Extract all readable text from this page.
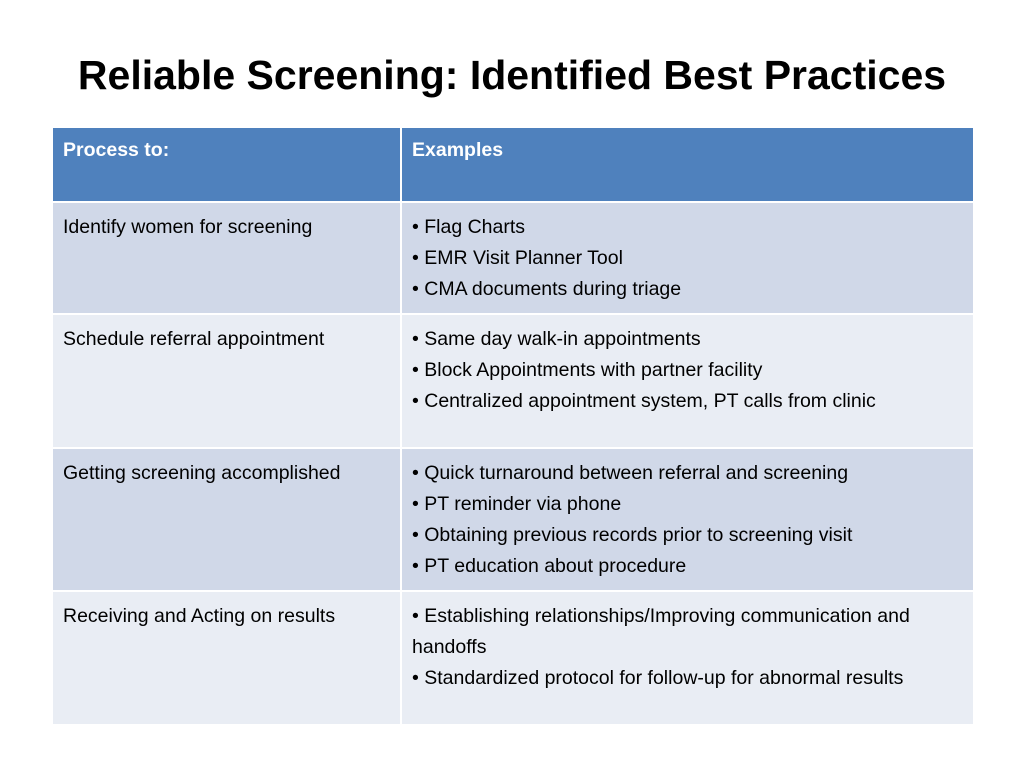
Reliable Screening: Identified Best Practices
Process to:	Examples
Identify women for screening	• Flag Charts
• EMR Visit Planner Tool
• CMA documents during triage

Schedule referral appointment	• Same day walk-in appointments
• Block Appointments with partner facility
• Centralized appointment system, PT calls from clinic

Getting screening accomplished	• Quick turnaround between referral and screening
• PT reminder via phone
• Obtaining previous records prior to screening visit
• PT education about procedure

Receiving and Acting on results	• Establishing relationships/Improving communication and handoffs
• Standardized protocol for follow-up for abnormal results
